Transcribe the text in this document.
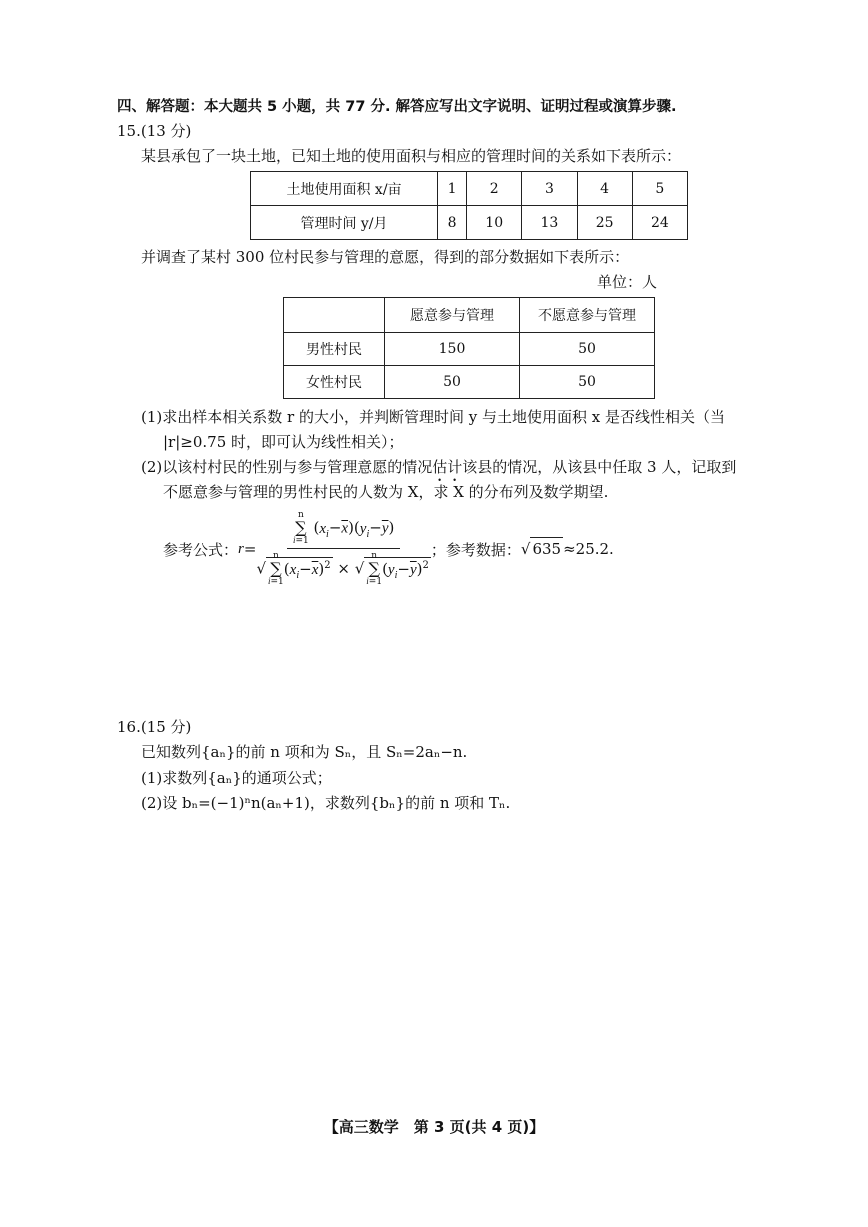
四、解答题：本大题共 5 小题，共 77 分. 解答应写出文字说明、证明过程或演算步骤.
15.(13 分)
某县承包了一块土地，已知土地的使用面积与相应的管理时间的关系如下表所示：
土地使用面积 x/亩	1	2	3	4	5
管理时间 y/月	8	10	13	25	24
并调查了某村 300 位村民参与管理的意愿，得到的部分数据如下表所示：
单位：人
	愿意参与管理	不愿意参与管理
男性村民	150	50
女性村民	50	50
(1)求出样本相关系数 r 的大小，并判断管理时间 y 与土地使用面积 x 是否线性相关（当
|r|≥0.75 时，即可认为线性相关）；
(2)以该村村民的性别与参与管理意愿的情况估计该县的情况，从该县中任取 3 人，记取到
不愿意参与管理的男性村民的人数为 X，求 X 的分布列及数学期望.
参考公式： r = n
∑
i=1
$(x_i-\overline{x})(y_i-\overline{y})$
√
n
∑
i=1
$(x_i-\overline{x})^2$ × √
n
∑
i=1
$(y_i-\overline{y})^2$ ；参考数据： √ 635 ≈25.2.
16.(15 分)
已知数列{aₙ}的前 n 项和为 Sₙ，且 Sₙ=2aₙ−n.
(1)求数列{aₙ}的通项公式；
(2)设 bₙ=(−1)ⁿn(aₙ+1)，求数列{bₙ}的前 n 项和 Tₙ.
【高三数学　第 3 页(共 4 页)】
